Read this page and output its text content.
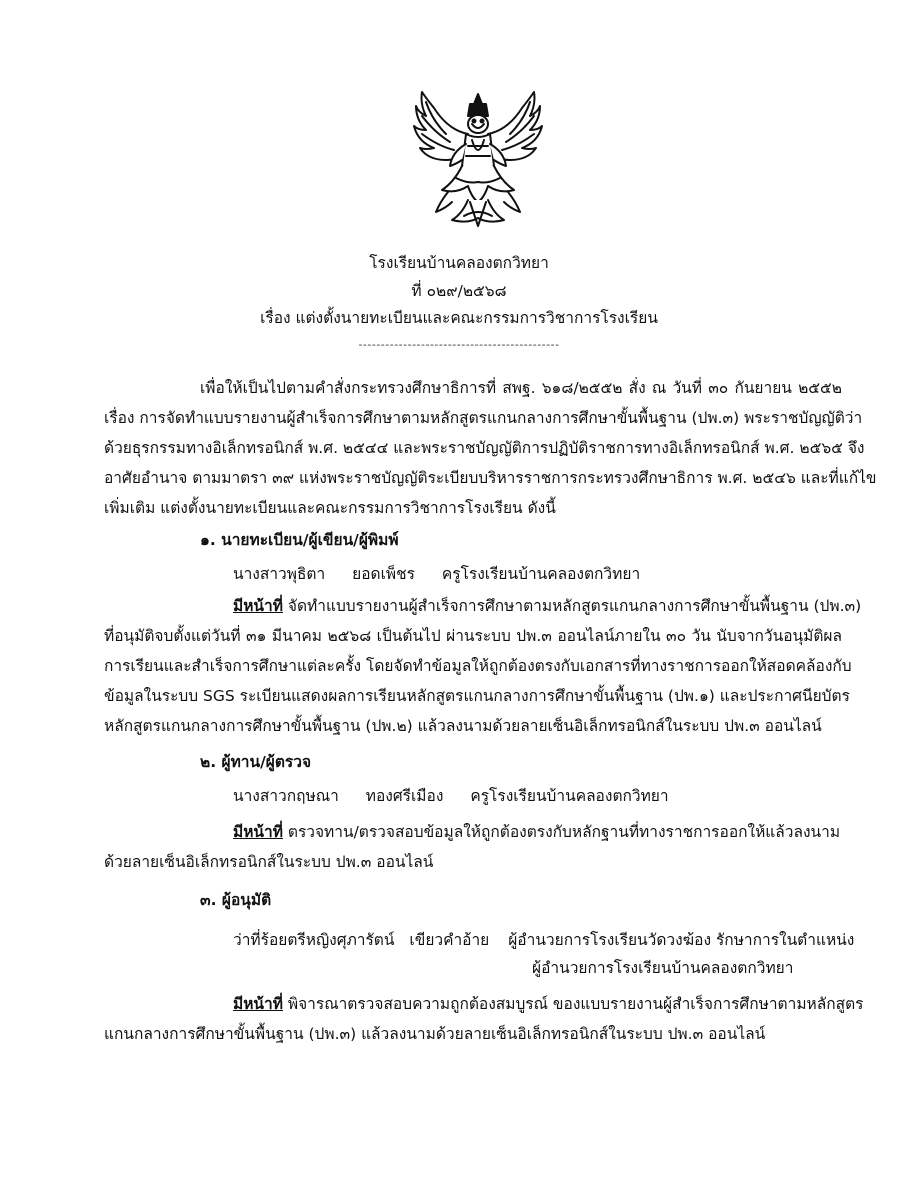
โรงเรียนบ้านคลองตกวิทยา
ที่ ๐๒๙/๒๕๖๘
เรื่อง แต่งตั้งนายทะเบียนและคณะกรรมการวิชาการโรงเรียน
---------------------------------------------
เพื่อให้เป็นไปตามคำสั่งกระทรวงศึกษาธิการที่ สพฐ. ๖๑๘/๒๕๕๒ สั่ง ณ วันที่ ๓๐ กันยายน ๒๕๕๒
เรื่อง การจัดทำแบบรายงานผู้สำเร็จการศึกษาตามหลักสูตรแกนกลางการศึกษาขั้นพื้นฐาน (ปพ.๓) พระราชบัญญัติว่า
ด้วยธุรกรรมทางอิเล็กทรอนิกส์ พ.ศ. ๒๕๔๔ และพระราชบัญญัติการปฏิบัติราชการทางอิเล็กทรอนิกส์ พ.ศ. ๒๕๖๕ จึง
อาศัยอำนาจ ตามมาตรา ๓๙ แห่งพระราชบัญญัติระเบียบบริหารราชการกระทรวงศึกษาธิการ พ.ศ. ๒๕๔๖ และที่แก้ไข
เพิ่มเติม แต่งตั้งนายทะเบียนและคณะกรรมการวิชาการโรงเรียน ดังนี้
๑. นายทะเบียน/ผู้เขียน/ผู้พิมพ์
นางสาวพุธิตา ยอดเพ็ชร ครูโรงเรียนบ้านคลองตกวิทยา
มีหน้าที่ จัดทำแบบรายงานผู้สำเร็จการศึกษาตามหลักสูตรแกนกลางการศึกษาขั้นพื้นฐาน (ปพ.๓)
ที่อนุมัติจบตั้งแต่วันที่ ๓๑ มีนาคม ๒๕๖๘ เป็นต้นไป ผ่านระบบ ปพ.๓ ออนไลน์ภายใน ๓๐ วัน นับจากวันอนุมัติผล
การเรียนและสำเร็จการศึกษาแต่ละครั้ง โดยจัดทำข้อมูลให้ถูกต้องตรงกับเอกสารที่ทางราชการออกให้สอดคล้องกับ
ข้อมูลในระบบ SGS ระเบียนแสดงผลการเรียนหลักสูตรแกนกลางการศึกษาขั้นพื้นฐาน (ปพ.๑) และประกาศนียบัตร
หลักสูตรแกนกลางการศึกษาขั้นพื้นฐาน (ปพ.๒) แล้วลงนามด้วยลายเซ็นอิเล็กทรอนิกส์ในระบบ ปพ.๓ ออนไลน์
๒. ผู้ทาน/ผู้ตรวจ
นางสาวกฤษณา ทองศรีเมือง ครูโรงเรียนบ้านคลองตกวิทยา
มีหน้าที่ ตรวจทาน/ตรวจสอบข้อมูลให้ถูกต้องตรงกับหลักฐานที่ทางราชการออกให้แล้วลงนาม
ด้วยลายเซ็นอิเล็กทรอนิกส์ในระบบ ปพ.๓ ออนไลน์
๓. ผู้อนุมัติ
ว่าที่ร้อยตรีหญิงศุภารัตน์ เขียวคำอ้าย ผู้อำนวยการโรงเรียนวัดวงฆ้อง รักษาการในตำแหน่ง
ผู้อำนวยการโรงเรียนบ้านคลองตกวิทยา
มีหน้าที่ พิจารณาตรวจสอบความถูกต้องสมบูรณ์ ของแบบรายงานผู้สำเร็จการศึกษาตามหลักสูตร
แกนกลางการศึกษาขั้นพื้นฐาน (ปพ.๓) แล้วลงนามด้วยลายเซ็นอิเล็กทรอนิกส์ในระบบ ปพ.๓ ออนไลน์
